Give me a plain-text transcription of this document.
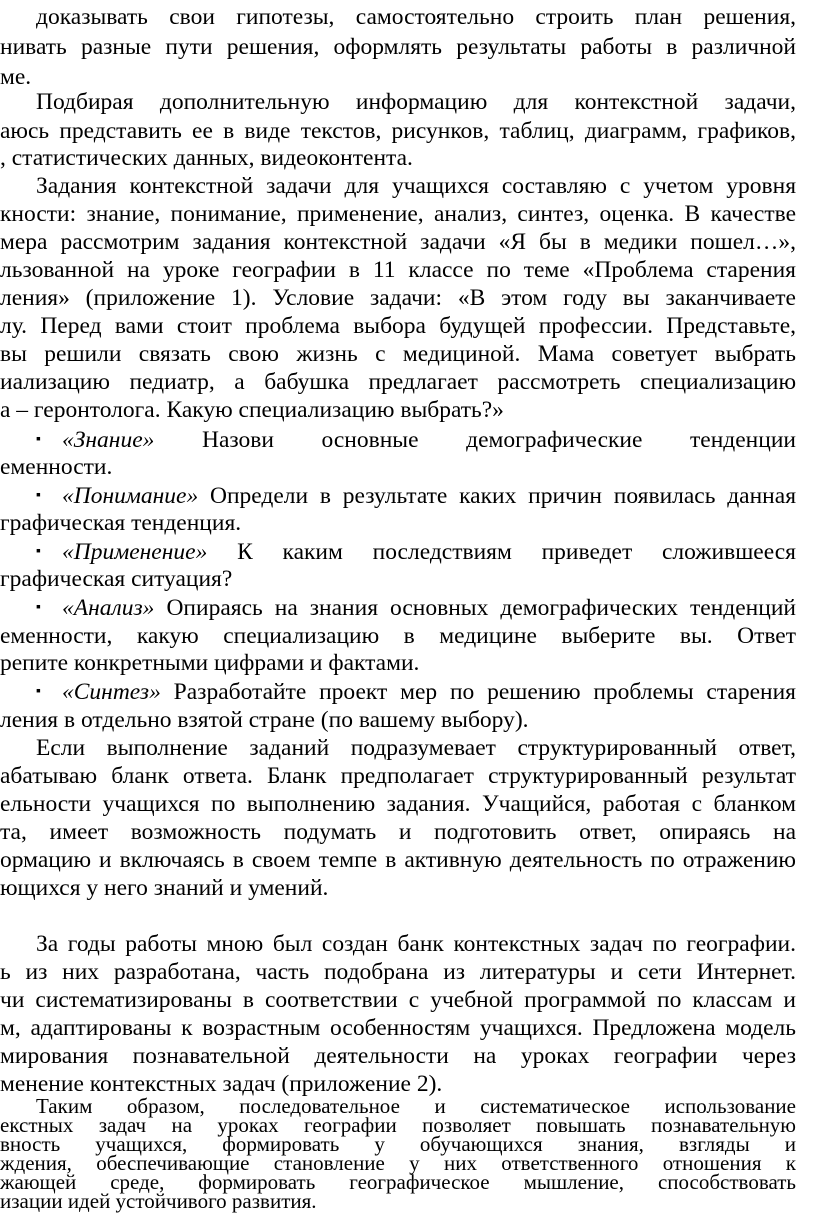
доказывать свои гипотезы, самостоятельно строить план решения,
нивать разные пути решения, оформлять результаты работы в различной
ме.
Подбирая дополнительную информацию для контекстной задачи,
аюсь представить ее в виде текстов, рисунков, таблиц, диаграмм, графиков,
, статистических данных, видеоконтента.
Задания контекстной задачи для учащихся составляю с учетом уровня
кности: знание, понимание, применение, анализ, синтез, оценка. В качестве
мера рассмотрим задания контекстной задачи «Я бы в медики пошел…»,
льзованной на уроке географии в 11 классе по теме «Проблема старения
ления» (приложение 1). Условие задачи: «В этом году вы заканчиваете
лу. Перед вами стоит проблема выбора будущей профессии. Представьте,
вы решили связать свою жизнь с медициной. Мама советует выбрать
иализацию педиатр, а бабушка предлагает рассмотреть специализацию
а – геронтолога. Какую специализацию выбрать?»
▪ «Знание» Назови основные демографические тенденции
еменности.
▪ «Понимание» Определи в результате каких причин появилась данная
графическая тенденция.
▪ «Применение» К каким последствиям приведет сложившееся
графическая ситуация?
▪ «Анализ» Опираясь на знания основных демографических тенденций
еменности, какую специализацию в медицине выберите вы. Ответ
репите конкретными цифрами и фактами.
▪ «Синтез» Разработайте проект мер по решению проблемы старения
ления в отдельно взятой стране (по вашему выбору).
Если выполнение заданий подразумевает структурированный ответ,
абатываю бланк ответа. Бланк предполагает структурированный результат
ельности учащихся по выполнению задания. Учащийся, работая с бланком
та, имеет возможность подумать и подготовить ответ, опираясь на
ормацию и включаясь в своем темпе в активную деятельность по отражению
ющихся у него знаний и умений.
За годы работы мною был создан банк контекстных задач по географии.
ь из них разработана, часть подобрана из литературы и сети Интернет.
чи систематизированы в соответствии с учебной программой по классам и
м, адаптированы к возрастным особенностям учащихся. Предложена модель
мирования познавательной деятельности на уроках географии через
менение контекстных задач (приложение 2).
Таким образом, последовательное и систематическое использование
екстных задач на уроках географии позволяет повышать познавательную
вность учащихся, формировать у обучающихся знания, взгляды и
ждения, обеспечивающие становление у них ответственного отношения к
жающей среде, формировать географическое мышление, способствовать
изации идей устойчивого развития.
